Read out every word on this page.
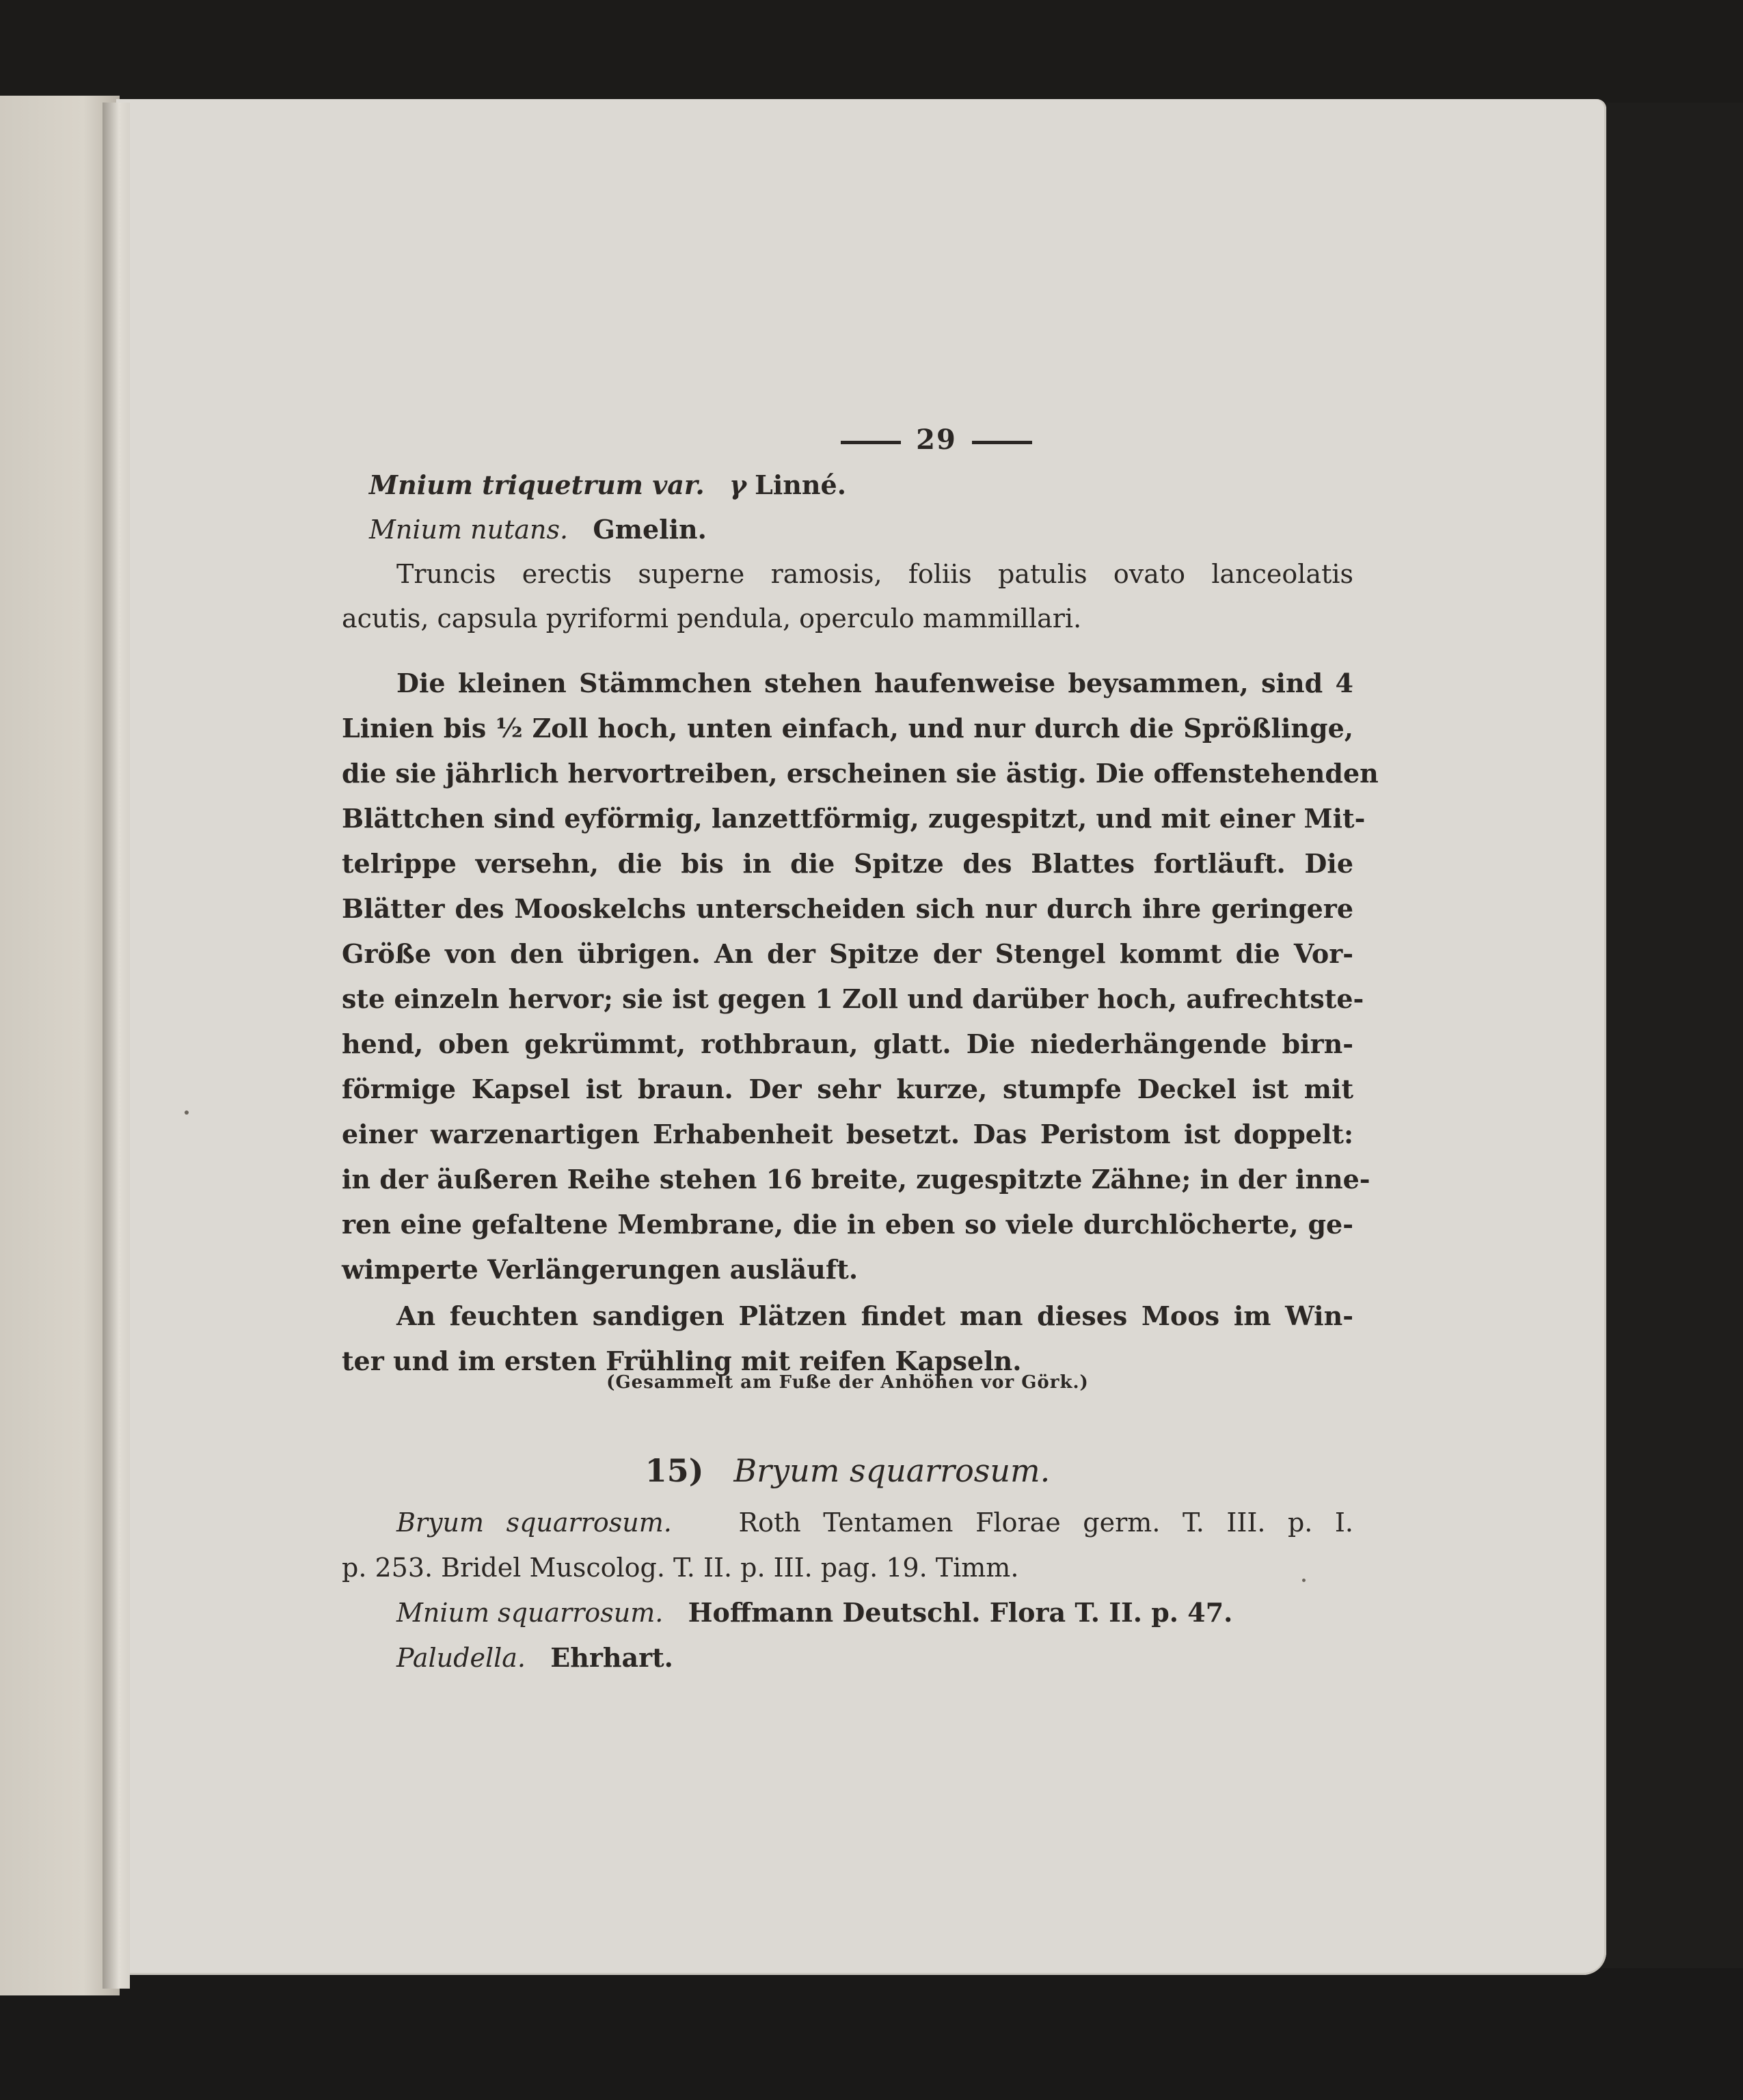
29
Mnium triquetrum var. γ Linné.
Mnium nutans. Gmelin.
Truncis erectis superne ramosis, foliis patulis ovato lanceolatis
acutis, capsula pyriformi pendula, operculo mammillari.
Die kleinen Stämmchen stehen haufenweise beysammen, sind 4
Linien bis ½ Zoll hoch, unten einfach, und nur durch die Sprößlinge,
die sie jährlich hervortreiben, erscheinen sie ästig. Die offenstehenden
Blättchen sind eyförmig, lanzettförmig, zugespitzt, und mit einer Mit-
telrippe versehn, die bis in die Spitze des Blattes fortläuft. Die
Blätter des Mooskelchs unterscheiden sich nur durch ihre geringere
Größe von den übrigen. An der Spitze der Stengel kommt die Vor-
ste einzeln hervor; sie ist gegen 1 Zoll und darüber hoch, aufrechtste-
hend, oben gekrümmt, rothbraun, glatt. Die niederhängende birn-
förmige Kapsel ist braun. Der sehr kurze, stumpfe Deckel ist mit
einer warzenartigen Erhabenheit besetzt. Das Peristom ist doppelt:
in der äußeren Reihe stehen 16 breite, zugespitzte Zähne; in der inne-
ren eine gefaltene Membrane, die in eben so viele durchlöcherte, ge-
wimperte Verlängerungen ausläuft.
An feuchten sandigen Plätzen findet man dieses Moos im Win-
ter und im ersten Frühling mit reifen Kapseln.
(Gesammelt am Fuße der Anhöhen vor Görk.)
15) Bryum squarrosum.
Bryum squarrosum.	Roth Tentamen Florae germ. T. III. p. I.
p. 253. Bridel Muscolog. T. II. p. III. pag. 19. Timm.
Mnium squarrosum. Hoffmann Deutschl. Flora T. II. p. 47.
Paludella. Ehrhart.
